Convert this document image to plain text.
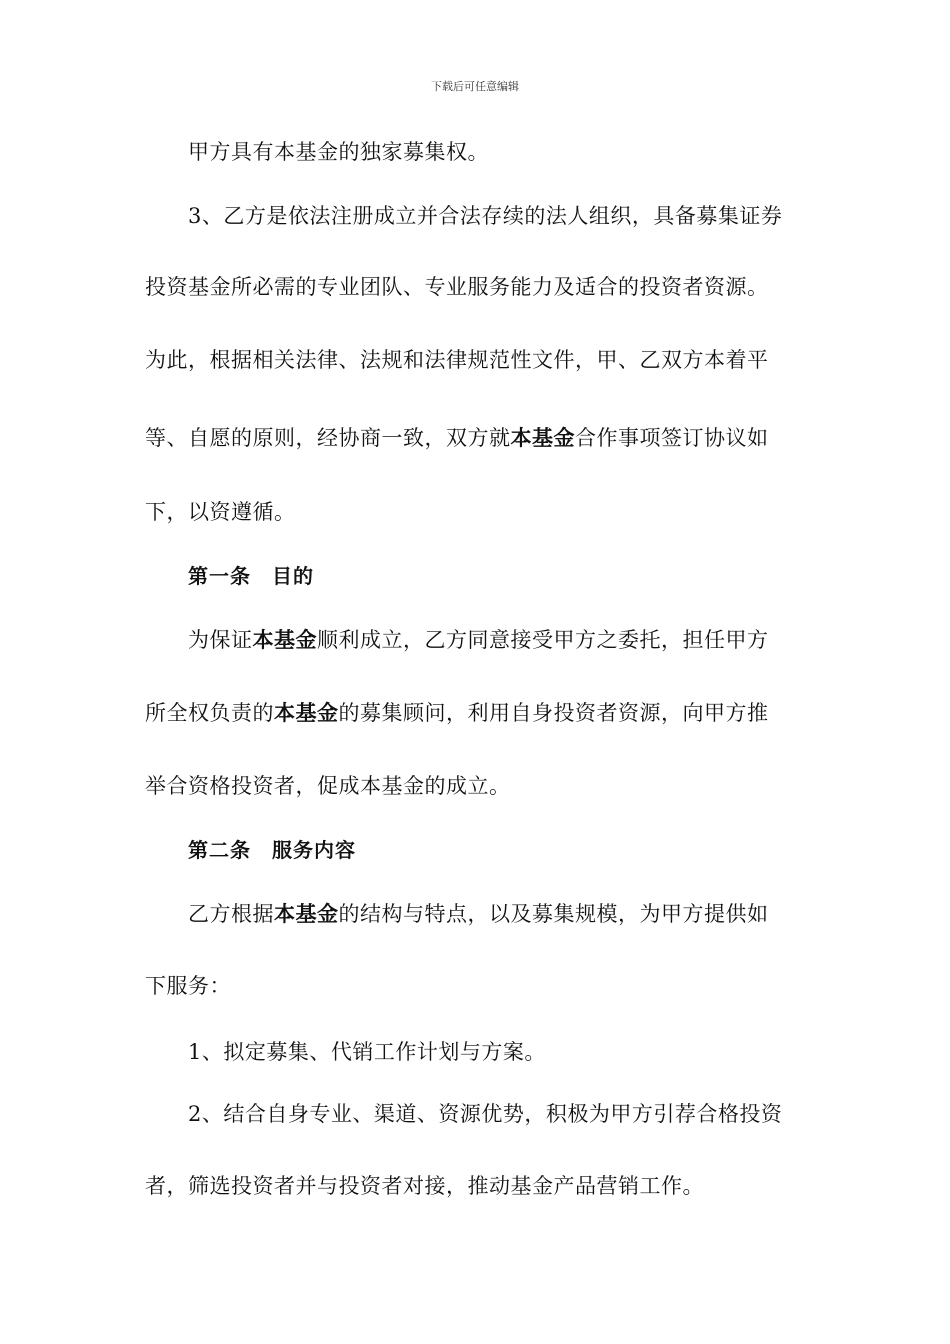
下载后可任意编辑
甲方具有本基金的独家募集权。
3、乙方是依法注册成立并合法存续的法人组织，具备募集证券
投资基金所必需的专业团队、专业服务能力及适合的投资者资源。
为此，根据相关法律、法规和法律规范性文件，甲、乙双方本着平
等、自愿的原则，经协商一致，双方就本基金合作事项签订协议如
下，以资遵循。
第一条　目的
为保证本基金顺利成立，乙方同意接受甲方之委托，担任甲方
所全权负责的本基金的募集顾问，利用自身投资者资源，向甲方推
举合资格投资者，促成本基金的成立。
第二条　服务内容
乙方根据本基金的结构与特点，以及募集规模，为甲方提供如
下服务：
1、拟定募集、代销工作计划与方案。
2、结合自身专业、渠道、资源优势，积极为甲方引荐合格投资
者，筛选投资者并与投资者对接，推动基金产品营销工作。
